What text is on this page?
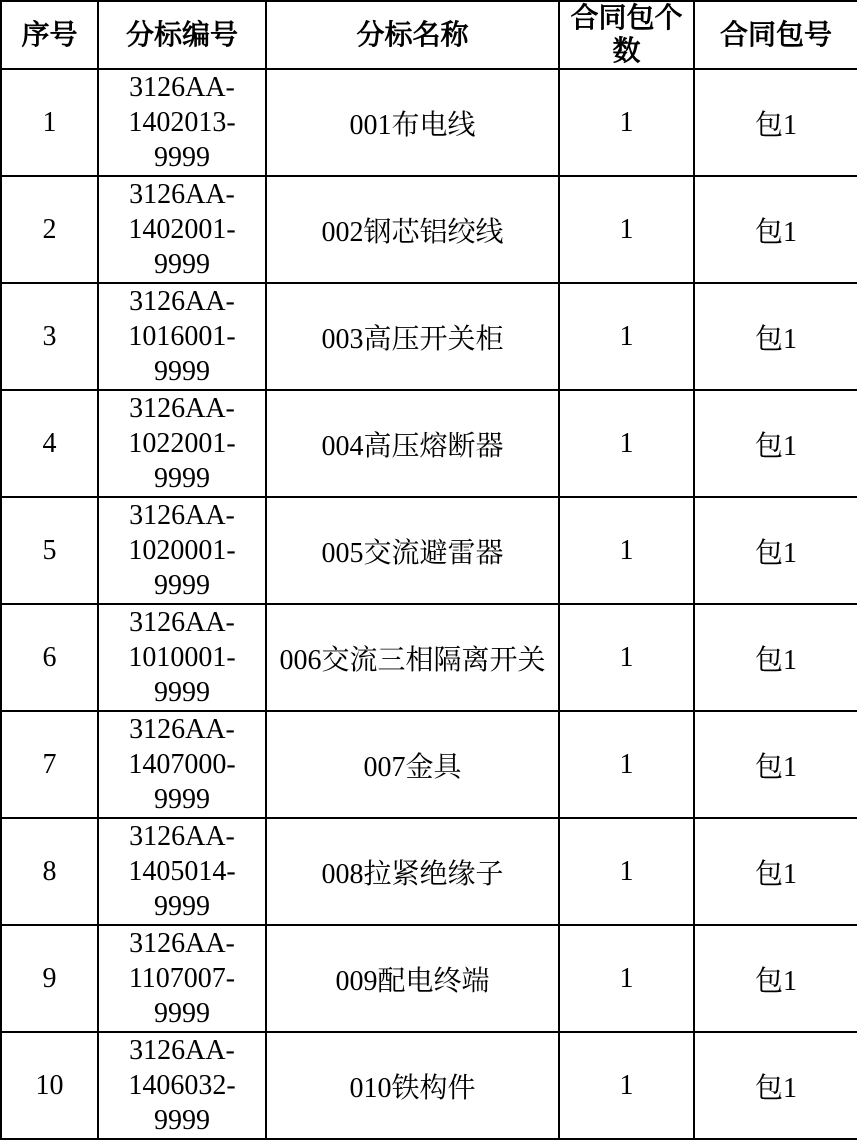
序号	分标编号	分标名称	合同包个数	合同包号
1	3126AA-
1402013-
9999	001布电线	1	包1
2	3126AA-
1402001-
9999	002钢芯铝绞线	1	包1
3	3126AA-
1016001-
9999	003高压开关柜	1	包1
4	3126AA-
1022001-
9999	004高压熔断器	1	包1
5	3126AA-
1020001-
9999	005交流避雷器	1	包1
6	3126AA-
1010001-
9999	006交流三相隔离开关	1	包1
7	3126AA-
1407000-
9999	007金具	1	包1
8	3126AA-
1405014-
9999	008拉紧绝缘子	1	包1
9	3126AA-
1107007-
9999	009配电终端	1	包1
10	3126AA-
1406032-
9999	010铁构件	1	包1
